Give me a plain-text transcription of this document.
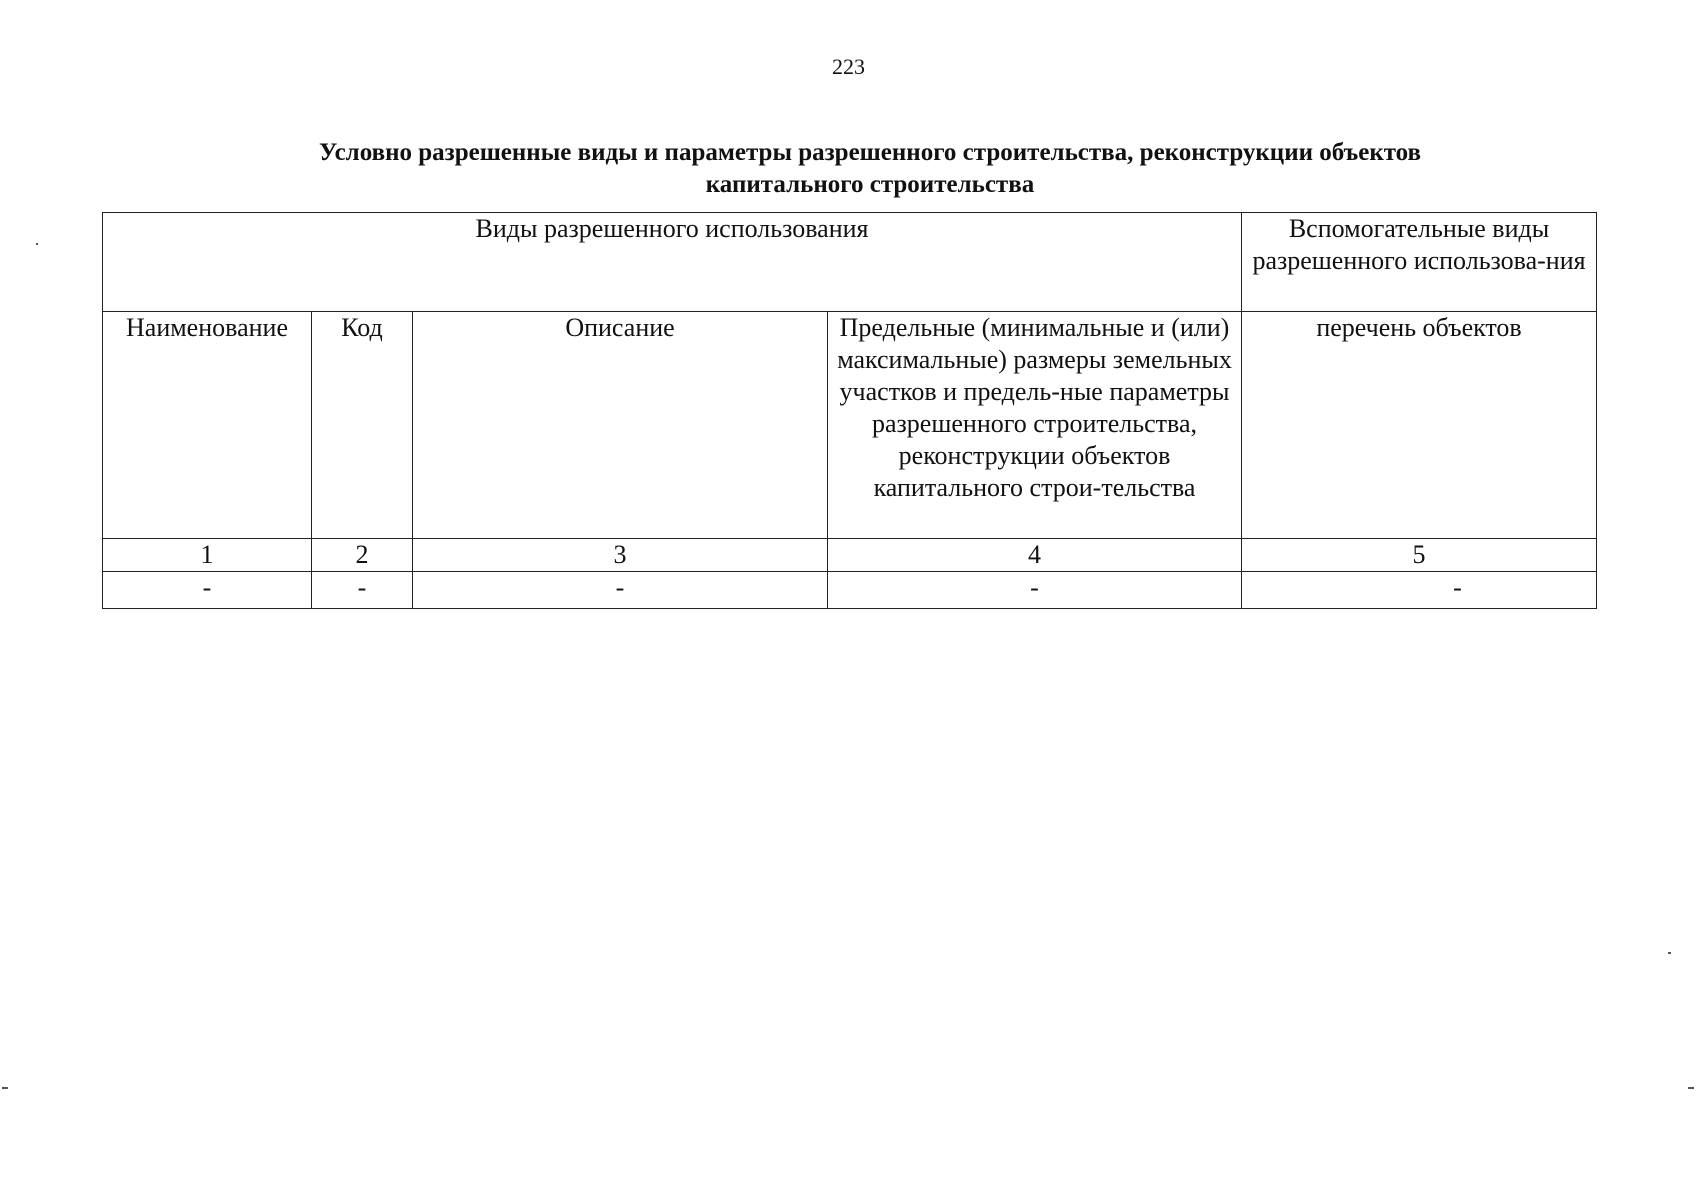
223
Условно разрешенные виды и параметры разрешенного строительства, реконструкции объектов
капитального строительства
Виды разрешенного использования				Вспомогательные виды разрешенного использова-ния
Наименование	Код	Описание	Предельные (минимальные и (или) максимальные) размеры земельных участков и предель-ные параметры разрешенного строительства, реконструкции объектов капитального строи-тельства	перечень объектов
1	2	3	4	5
-	-	-	-	-
